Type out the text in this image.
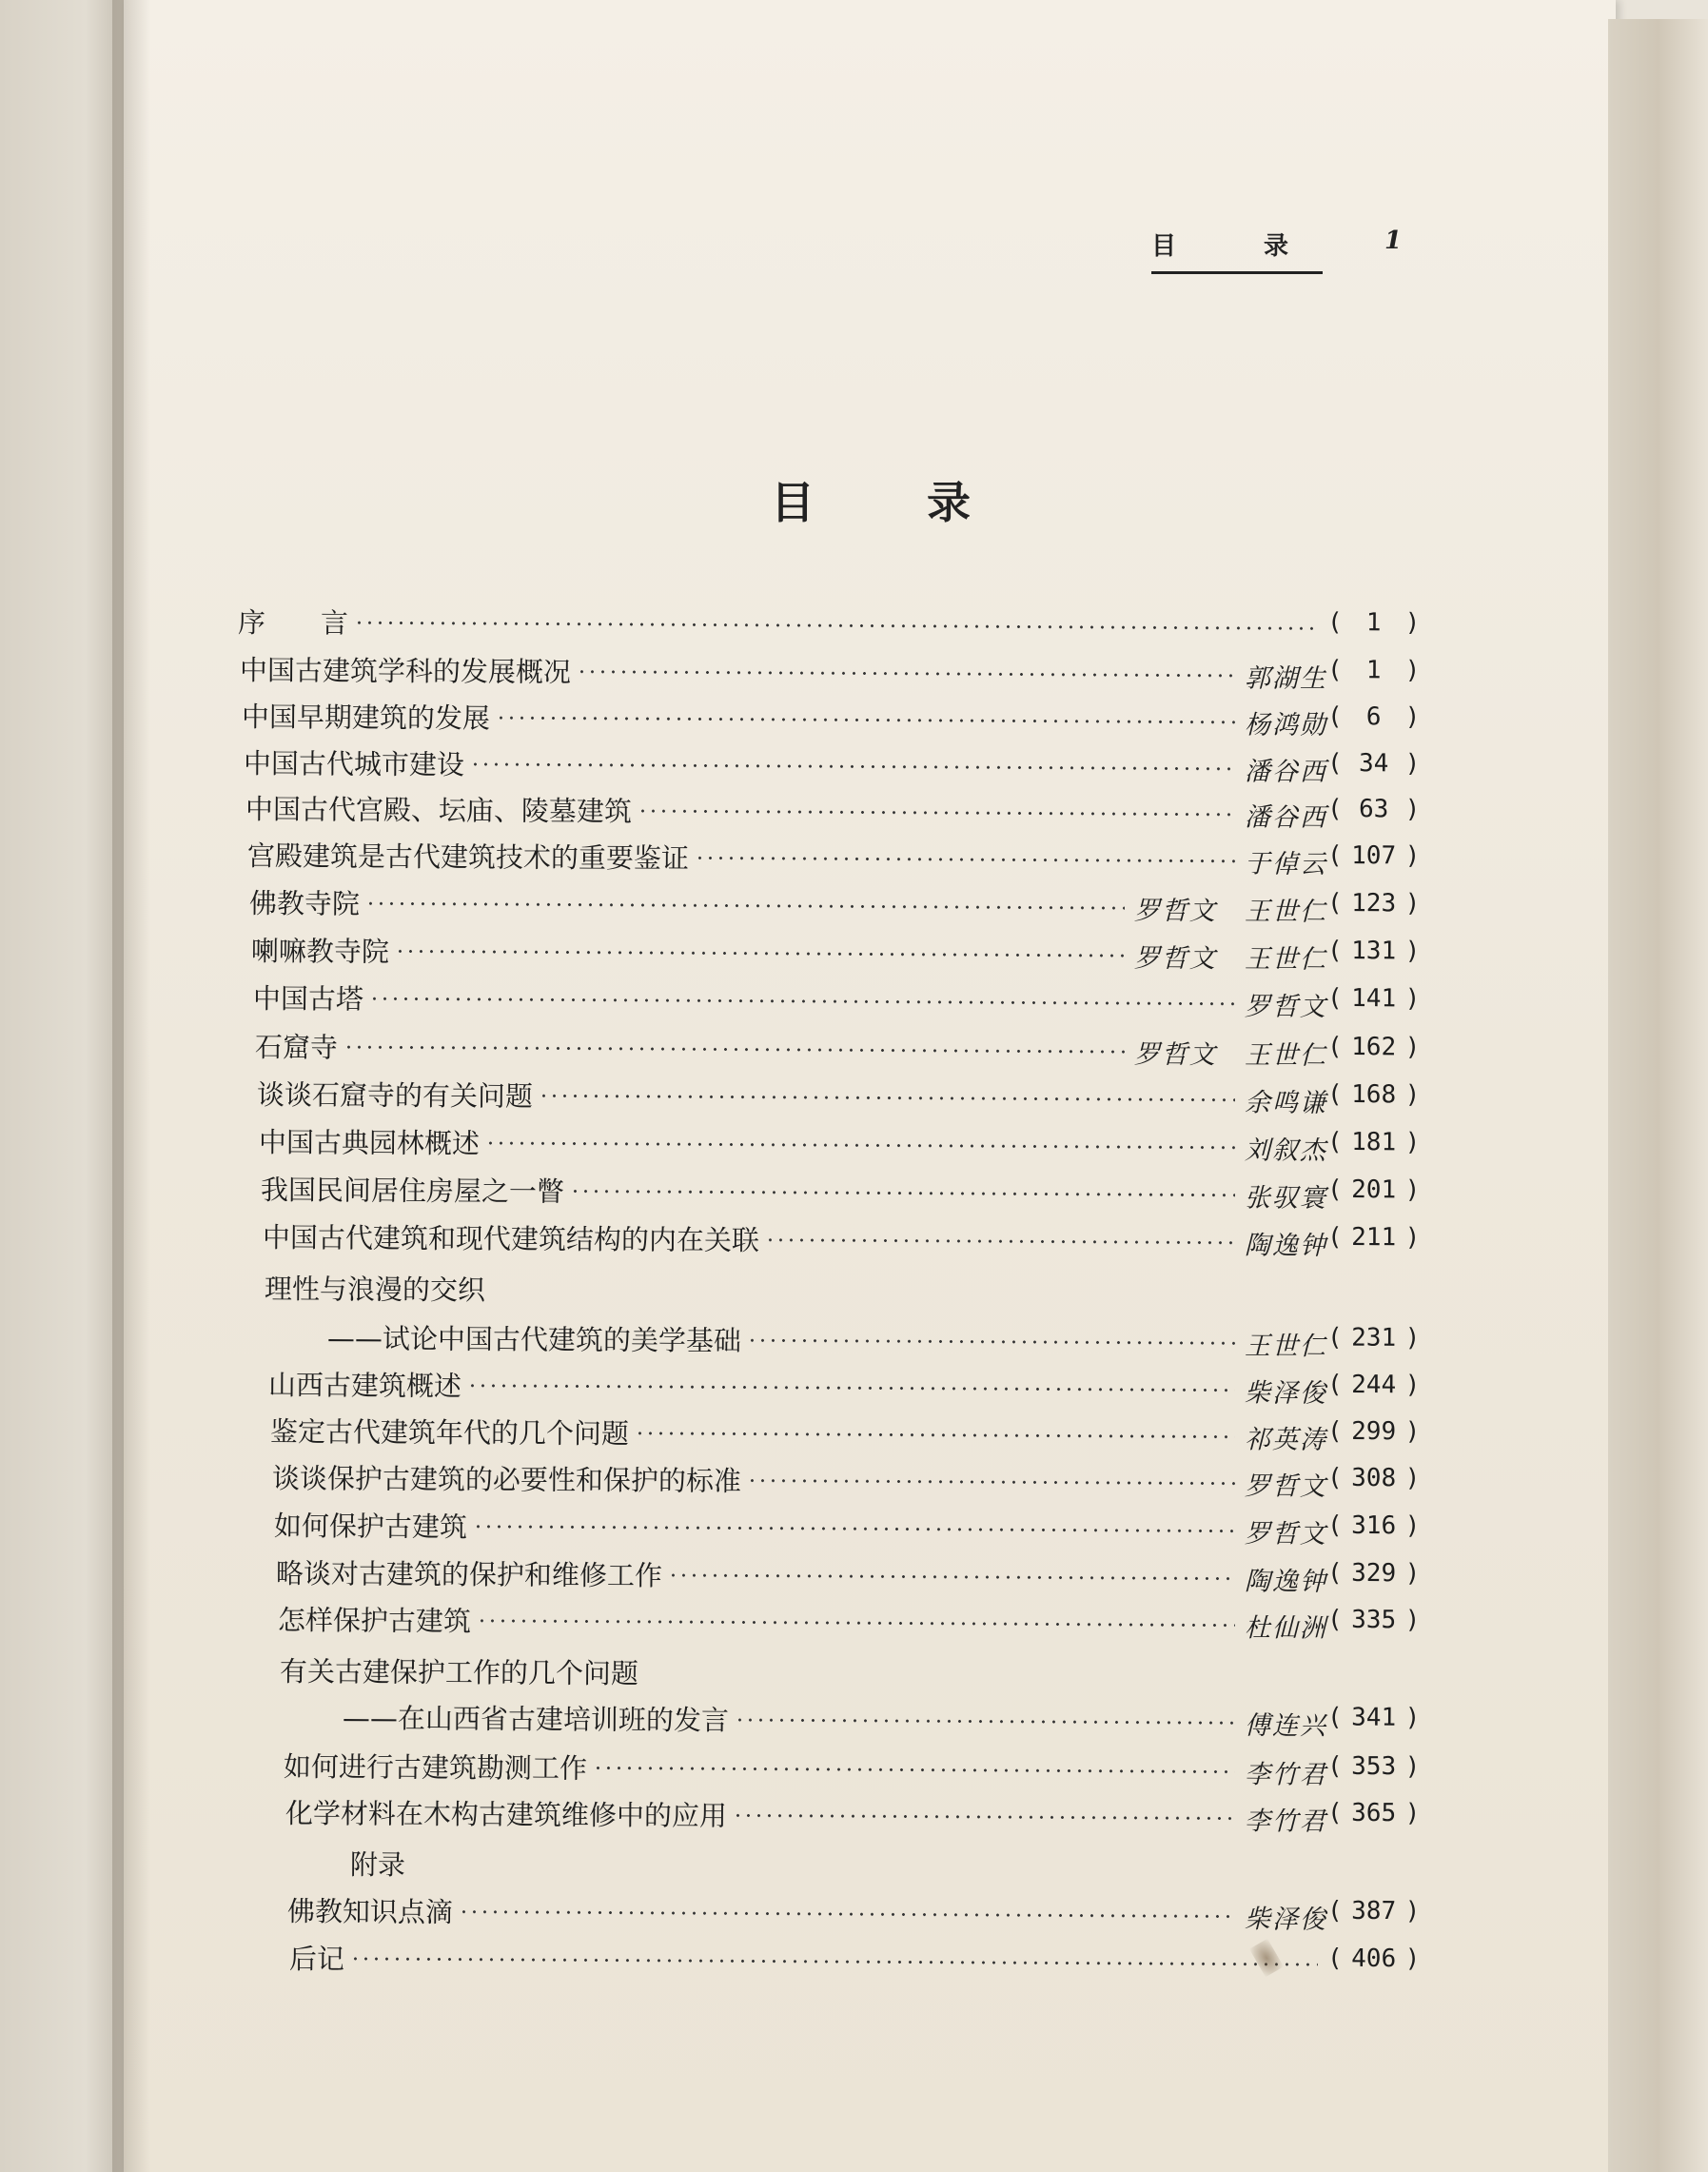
目录 1
目录
序　　言	( 1 )
中国古建筑学科的发展概况	郭湖生 ( 1 )
中国早期建筑的发展	杨鸿勋 ( 6 )
中国古代城市建设	潘谷西 ( 34 )
中国古代宫殿、坛庙、陵墓建筑	潘谷西 ( 63 )
宫殿建筑是古代建筑技术的重要鉴证	于倬云 ( 107 )
佛教寺院	罗哲文　王世仁 ( 123 )
喇嘛教寺院	罗哲文　王世仁 ( 131 )
中国古塔	罗哲文 ( 141 )
石窟寺	罗哲文　王世仁 ( 162 )
谈谈石窟寺的有关问题	余鸣谦 ( 168 )
中国古典园林概述	刘叙杰 ( 181 )
我国民间居住房屋之一瞥	张驭寰 ( 201 )
中国古代建筑和现代建筑结构的内在关联	陶逸钟 ( 211 )
理性与浪漫的交织
——试论中国古代建筑的美学基础	王世仁 ( 231 )
山西古建筑概述	柴泽俊 ( 244 )
鉴定古代建筑年代的几个问题	祁英涛 ( 299 )
谈谈保护古建筑的必要性和保护的标准	罗哲文 ( 308 )
如何保护古建筑	罗哲文 ( 316 )
略谈对古建筑的保护和维修工作	陶逸钟 ( 329 )
怎样保护古建筑	杜仙洲 ( 335 )
有关古建保护工作的几个问题
——在山西省古建培训班的发言	傅连兴 ( 341 )
如何进行古建筑勘测工作	李竹君 ( 353 )
化学材料在木构古建筑维修中的应用	李竹君 ( 365 )
附录
佛教知识点滴	柴泽俊 ( 387 )
后记	( 406 )
